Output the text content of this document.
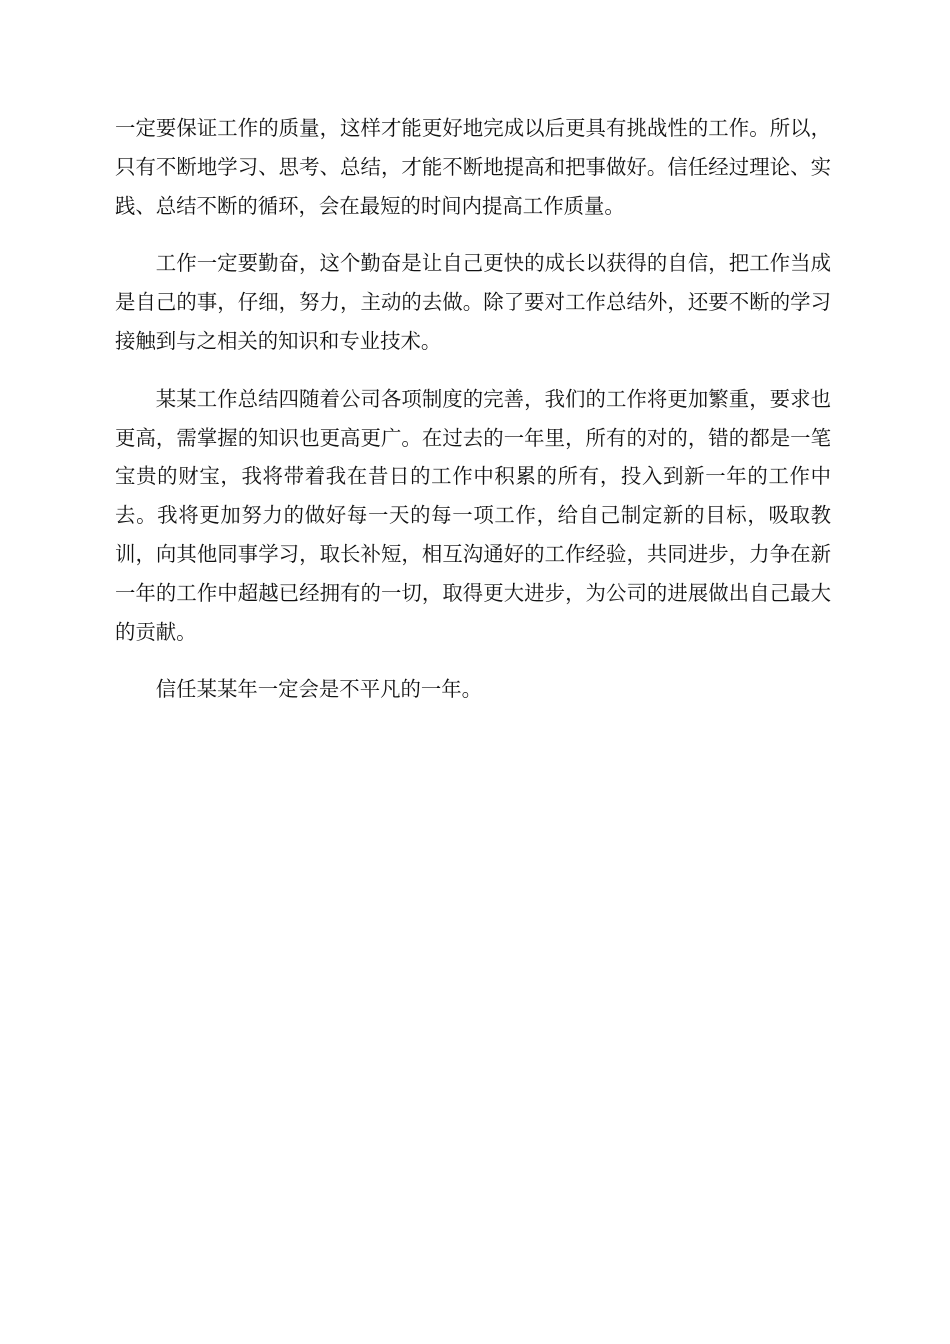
一定要保证工作的质量，这样才能更好地完成以后更具有挑战性的工作。所以，只有不断地学习、思考、总结，才能不断地提高和把事做好。信任经过理论、实践、总结不断的循环，会在最短的时间内提高工作质量。

工作一定要勤奋，这个勤奋是让自己更快的成长以获得的自信，把工作当成是自己的事，仔细，努力，主动的去做。除了要对工作总结外，还要不断的学习接触到与之相关的知识和专业技术。

某某工作总结四随着公司各项制度的完善，我们的工作将更加繁重，要求也更高，需掌握的知识也更高更广。在过去的一年里，所有的对的，错的都是一笔宝贵的财宝，我将带着我在昔日的工作中积累的所有，投入到新一年的工作中去。我将更加努力的做好每一天的每一项工作，给自己制定新的目标，吸取教训，向其他同事学习，取长补短，相互沟通好的工作经验，共同进步，力争在新一年的工作中超越已经拥有的一切，取得更大进步，为公司的进展做出自己最大的贡献。

信任某某年一定会是不平凡的一年。
